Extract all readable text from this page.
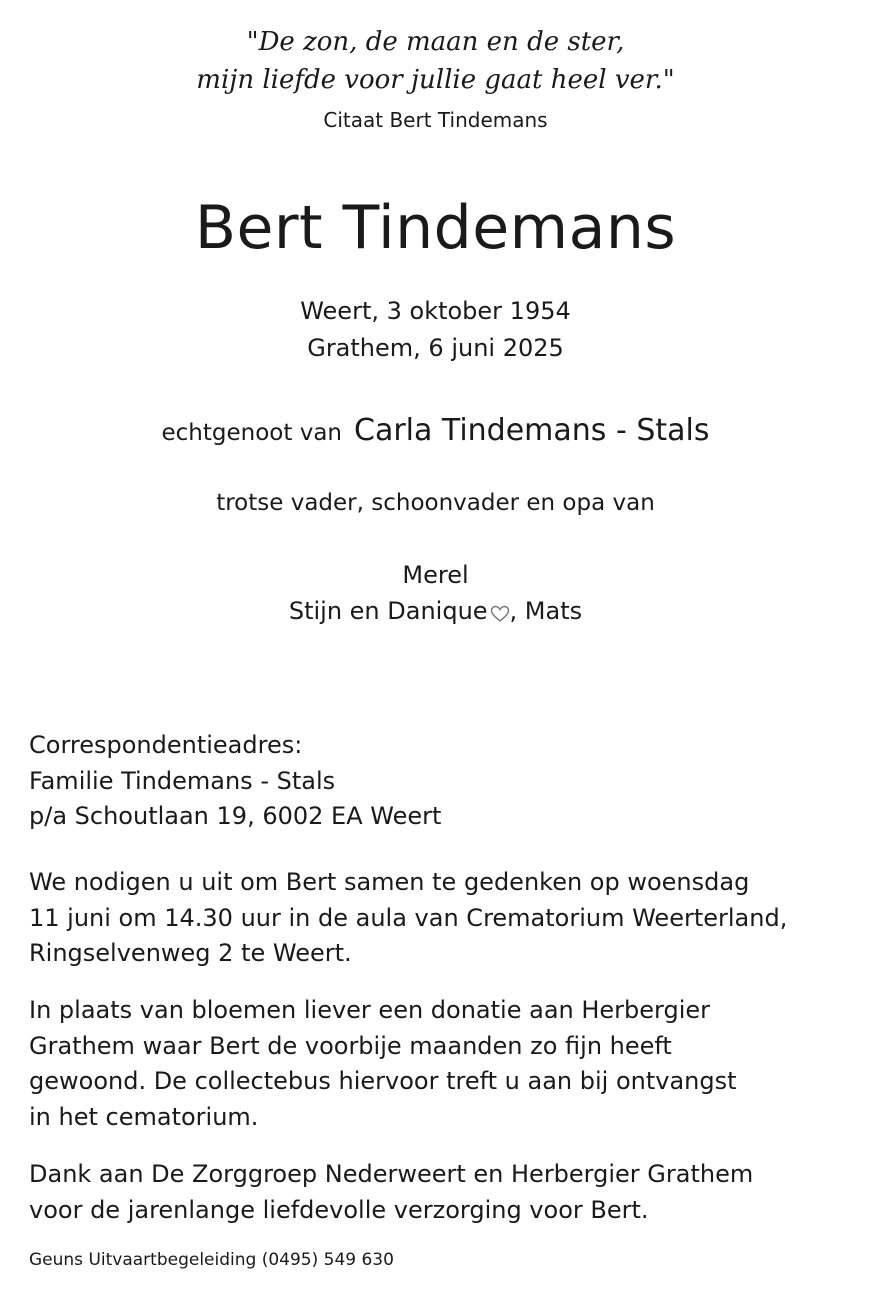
"De zon, de maan en de ster,
mijn liefde voor jullie gaat heel ver."
Citaat Bert Tindemans
Bert Tindemans
Weert, 3 oktober 1954
Grathem, 6 juni 2025
echtgenoot van Carla Tindemans - Stals
trotse vader, schoonvader en opa van
Merel
Stijn en Danique , Mats
Correspondentieadres:
Familie Tindemans - Stals
p/a Schoutlaan 19, 6002 EA Weert
We nodigen u uit om Bert samen te gedenken op woensdag
11 juni om 14.30 uur in de aula van Crematorium Weerterland,
Ringselvenweg 2 te Weert.
In plaats van bloemen liever een donatie aan Herbergier
Grathem waar Bert de voorbije maanden zo fijn heeft
gewoond. De collectebus hiervoor treft u aan bij ontvangst
in het cematorium.
Dank aan De Zorggroep Nederweert en Herbergier Grathem
voor de jarenlange liefdevolle verzorging voor Bert.
Geuns Uitvaartbegeleiding (0495) 549 630
